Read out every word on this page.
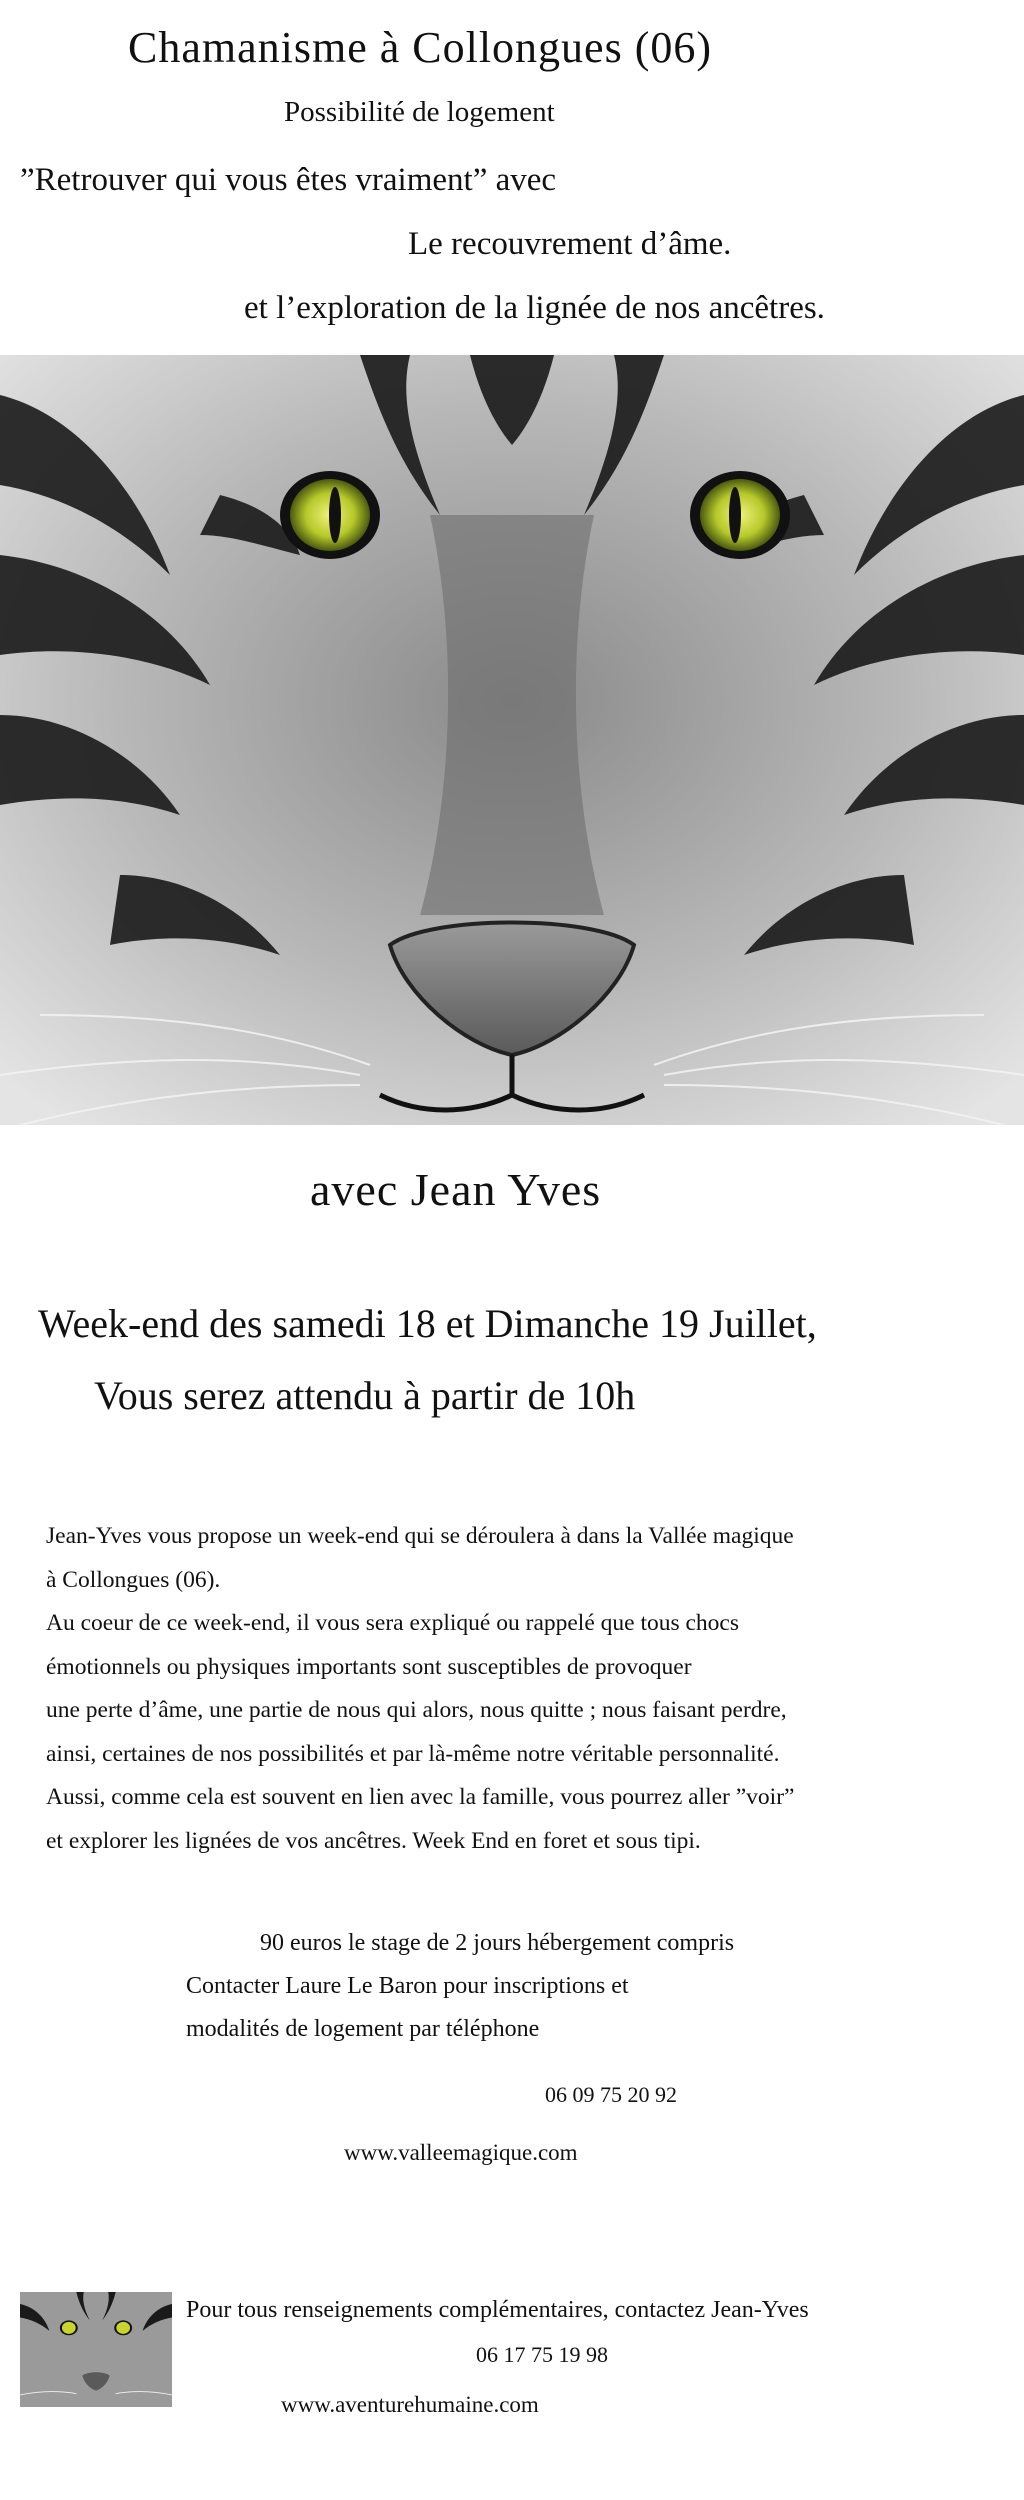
Chamanisme à Collongues (06)
Possibilité de logement
”Retrouver qui vous êtes vraiment” avec
Le recouvrement d’âme.
et l’exploration de la lignée de nos ancêtres.
avec Jean Yves
Week-end des samedi 18 et Dimanche 19 Juillet,
Vous serez attendu à partir de 10h
Jean-Yves vous propose un week-end qui se déroulera à dans la Vallée magique
à Collongues (06).
Au coeur de ce week-end, il vous sera expliqué ou rappelé que tous chocs
émotionnels ou physiques importants sont susceptibles de provoquer
une perte d’âme, une partie de nous qui alors, nous quitte ; nous faisant perdre,
ainsi, certaines de nos possibilités et par là-même notre véritable personnalité.
Aussi, comme cela est souvent en lien avec la famille, vous pourrez aller ”voir”
et explorer les lignées de vos ancêtres. Week End en foret et sous tipi.
90 euros le stage de 2 jours hébergement compris
Contacter Laure Le Baron pour inscriptions et
modalités de logement par téléphone
06 09 75 20 92
www.valleemagique.com
Pour tous renseignements complémentaires, contactez Jean-Yves
06 17 75 19 98
www.aventurehumaine.com
